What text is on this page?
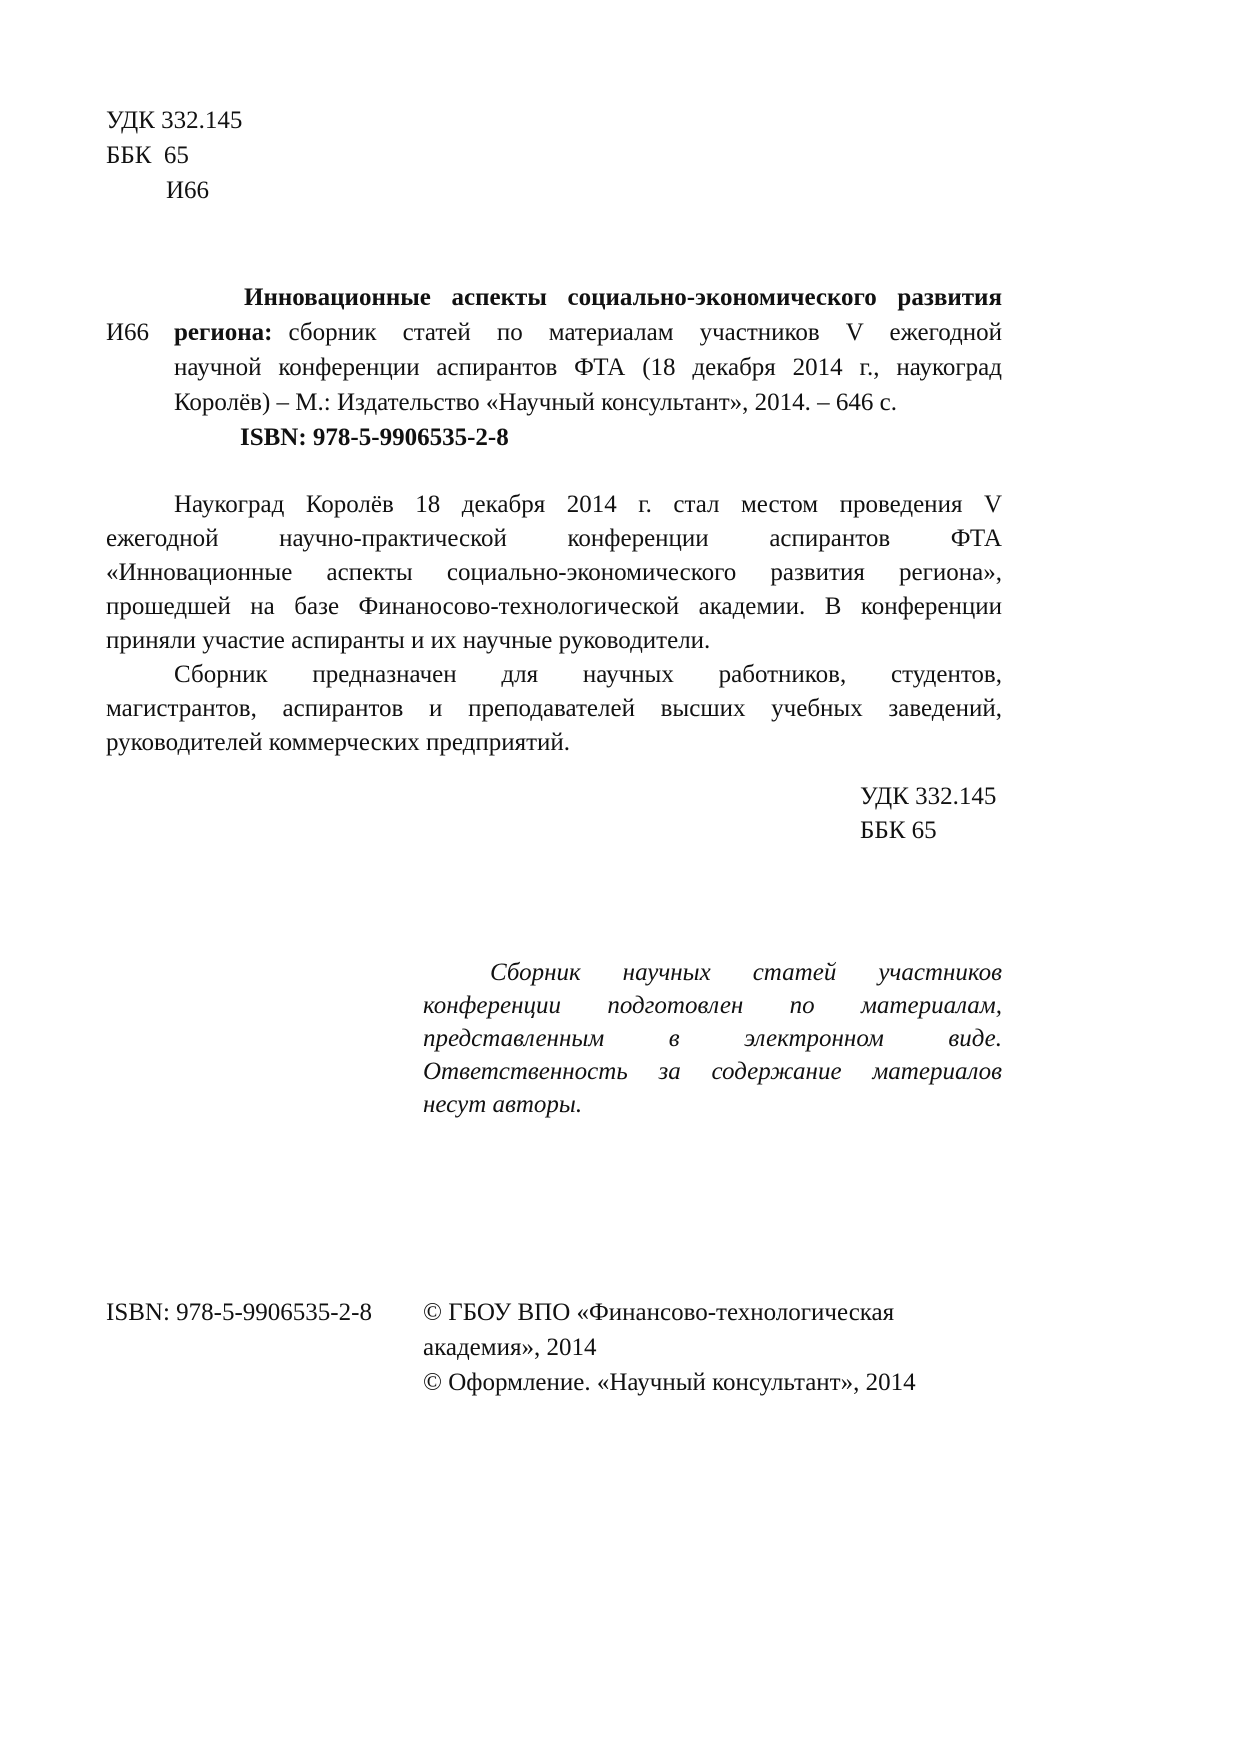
УДК 332.145
ББК  65
И66
Инновационные аспекты социально-экономического развития
И66 региона: сборник статей по материалам участников V ежегодной
научной конференции аспирантов ФТА (18 декабря 2014 г., наукоград
Королёв) – М.: Издательство «Научный консультант», 2014. – 646 с.
ISBN: 978-5-9906535-2-8
Наукоград Королёв 18 декабря 2014 г. стал местом проведения V
ежегодной научно-практической конференции аспирантов ФТА
«Инновационные аспекты социально-экономического развития региона»,
прошедшей на базе Финаносово-технологической академии. В конференции
приняли участие аспиранты и их научные руководители.
Сборник предназначен для научных работников, студентов,
магистрантов, аспирантов и преподавателей высших учебных заведений,
руководителей коммерческих предприятий.
УДК 332.145
ББК 65
Сборник научных статей участников
конференции подготовлен по материалам,
представленным в электронном виде.
Ответственность за содержание материалов
несут авторы.
ISBN: 978-5-9906535-2-8 © ГБОУ ВПО «Финансово-технологическая
академия», 2014
© Оформление. «Научный консультант», 2014
